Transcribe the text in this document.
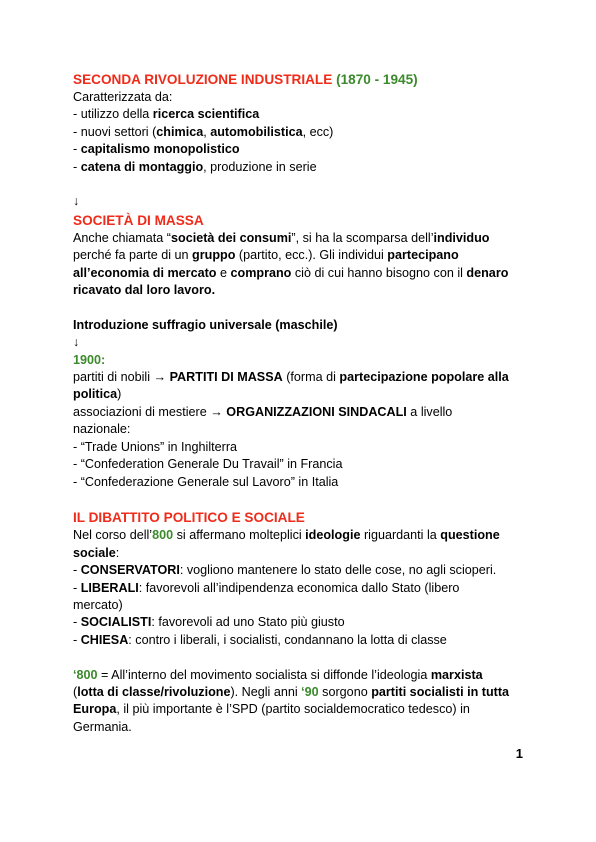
SECONDA RIVOLUZIONE INDUSTRIALE (1870 - 1945)
Caratterizzata da:
- utilizzo della ricerca scientifica
- nuovi settori (chimica, automobilistica, ecc)
- capitalismo monopolistico
- catena di montaggio, produzione in serie
↓
SOCIETÀ DI MASSA
Anche chiamata “società dei consumi”, si ha la scomparsa dell’individuo
perché fa parte di un gruppo (partito, ecc.). Gli individui partecipano
all’economia di mercato e comprano ciò di cui hanno bisogno con il denaro
ricavato dal loro lavoro.
Introduzione suffragio universale (maschile)
↓
1900:
partiti di nobili → PARTITI DI MASSA (forma di partecipazione popolare alla
politica)
associazioni di mestiere → ORGANIZZAZIONI SINDACALI a livello
nazionale:
- “Trade Unions” in Inghilterra
- “Confederation Generale Du Travail” in Francia
- “Confederazione Generale sul Lavoro” in Italia
IL DIBATTITO POLITICO E SOCIALE
Nel corso dell’800 si affermano molteplici ideologie riguardanti la questione
sociale:
- CONSERVATORI: vogliono mantenere lo stato delle cose, no agli scioperi.
- LIBERALI: favorevoli all’indipendenza economica dallo Stato (libero
mercato)
- SOCIALISTI: favorevoli ad uno Stato più giusto
- CHIESA: contro i liberali, i socialisti, condannano la lotta di classe
‘800 = All’interno del movimento socialista si diffonde l’ideologia marxista
(lotta di classe/rivoluzione). Negli anni ‘90 sorgono partiti socialisti in tutta
Europa, il più importante è l’SPD (partito socialdemocratico tedesco) in
Germania.
1
